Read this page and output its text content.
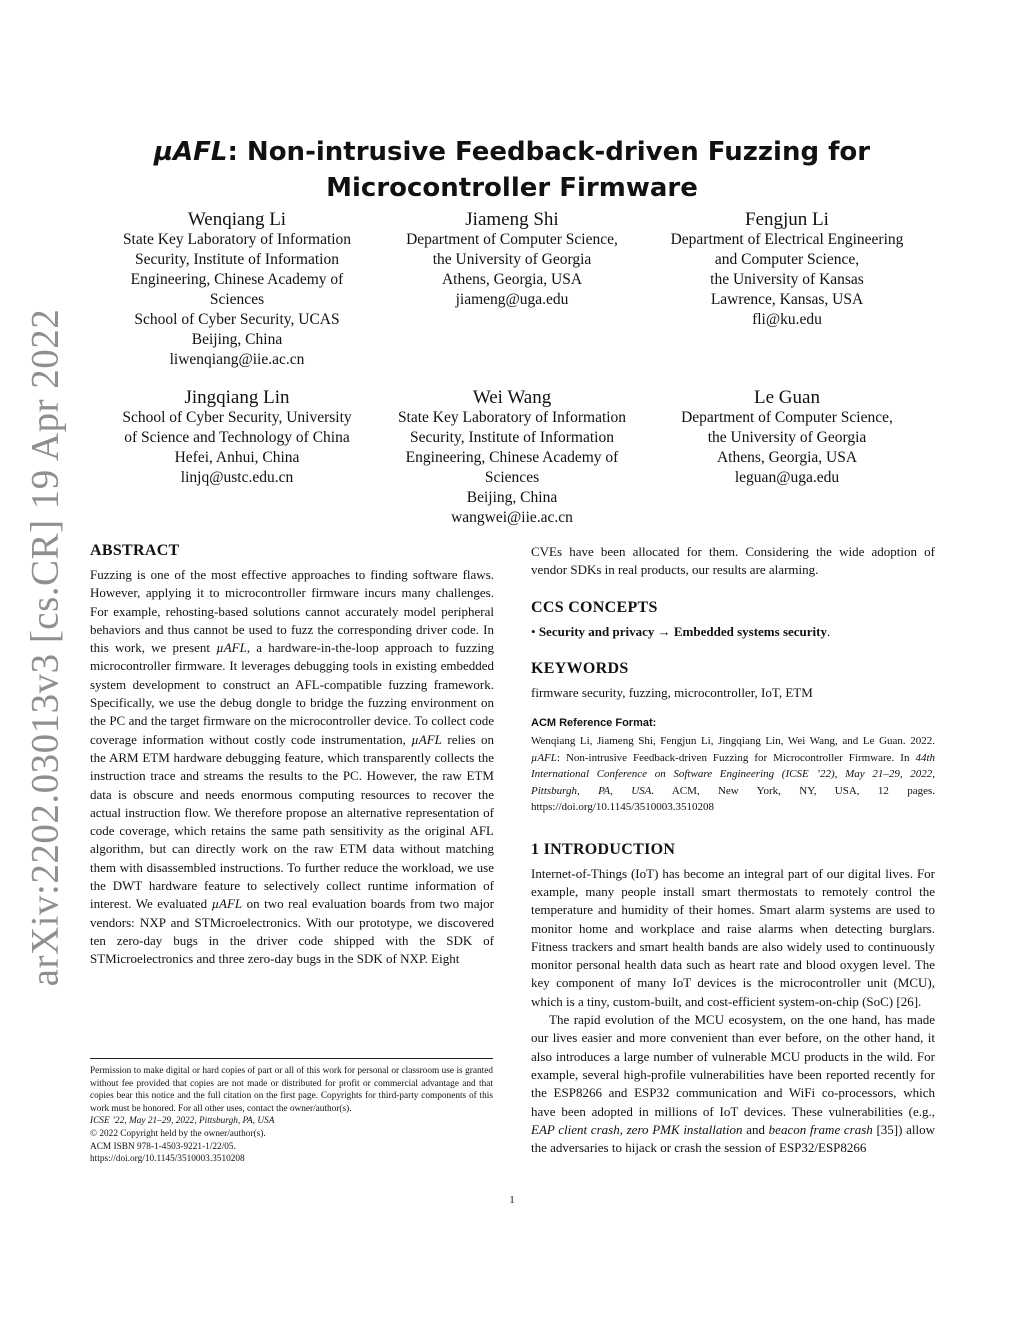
arXiv:2202.03013v3 [cs.CR] 19 Apr 2022
µAFL: Non-intrusive Feedback-driven Fuzzing for
Microcontroller Firmware
Wenqiang Li
State Key Laboratory of Information
Security, Institute of Information
Engineering, Chinese Academy of
Sciences
School of Cyber Security, UCAS
Beijing, China
liwenqiang@iie.ac.cn
Jiameng Shi
Department of Computer Science,
the University of Georgia
Athens, Georgia, USA
jiameng@uga.edu
Fengjun Li
Department of Electrical Engineering
and Computer Science,
the University of Kansas
Lawrence, Kansas, USA
fli@ku.edu
Jingqiang Lin
School of Cyber Security, University
of Science and Technology of China
Hefei, Anhui, China
linjq@ustc.edu.cn
Wei Wang
State Key Laboratory of Information
Security, Institute of Information
Engineering, Chinese Academy of
Sciences
Beijing, China
wangwei@iie.ac.cn
Le Guan
Department of Computer Science,
the University of Georgia
Athens, Georgia, USA
leguan@uga.edu
ABSTRACT

Fuzzing is one of the most effective approaches to finding software flaws. However, applying it to microcontroller firmware incurs many challenges. For example, rehosting-based solutions cannot accurately model peripheral behaviors and thus cannot be used to fuzz the corresponding driver code. In this work, we present µAFL, a hardware-in-the-loop approach to fuzzing microcontroller firmware. It leverages debugging tools in existing embedded system development to construct an AFL-compatible fuzzing framework. Specifically, we use the debug dongle to bridge the fuzzing environment on the PC and the target firmware on the microcontroller device. To collect code coverage information without costly code instrumentation, µAFL relies on the ARM ETM hardware debugging feature, which transparently collects the instruction trace and streams the results to the PC. However, the raw ETM data is obscure and needs enormous computing resources to recover the actual instruction flow. We therefore propose an alternative representation of code coverage, which retains the same path sensitivity as the original AFL algorithm, but can directly work on the raw ETM data without matching them with disassembled instructions. To further reduce the workload, we use the DWT hardware feature to selectively collect runtime information of interest. We evaluated µAFL on two real evaluation boards from two major vendors: NXP and STMicroelectronics. With our prototype, we discovered ten zero-day bugs in the driver code shipped with the SDK of STMicroelectronics and three zero-day bugs in the SDK of NXP. Eight

CVEs have been allocated for them. Considering the wide adoption of vendor SDKs in real products, our results are alarming.

CCS CONCEPTS

• Security and privacy → Embedded systems security.

KEYWORDS

firmware security, fuzzing, microcontroller, IoT, ETM

ACM Reference Format:

Wenqiang Li, Jiameng Shi, Fengjun Li, Jingqiang Lin, Wei Wang, and Le Guan. 2022. µAFL: Non-intrusive Feedback-driven Fuzzing for Microcontroller Firmware. In 44th International Conference on Software Engineering (ICSE ’22), May 21–29, 2022, Pittsburgh, PA, USA. ACM, New York, NY, USA, 12 pages. https://doi.org/10.1145/3510003.3510208

1 INTRODUCTION

Internet-of-Things (IoT) has become an integral part of our digital lives. For example, many people install smart thermostats to remotely control the temperature and humidity of their homes. Smart alarm systems are used to monitor home and workplace and raise alarms when detecting burglars. Fitness trackers and smart health bands are also widely used to continuously monitor personal health data such as heart rate and blood oxygen level. The key component of many IoT devices is the microcontroller unit (MCU), which is a tiny, custom-built, and cost-efficient system-on-chip (SoC) [26].

The rapid evolution of the MCU ecosystem, on the one hand, has made our lives easier and more convenient than ever before, on the other hand, it also introduces a large number of vulnerable MCU products in the wild. For example, several high-profile vulnerabilities have been reported recently for the ESP8266 and ESP32 communication and WiFi co-processors, which have been adopted in millions of IoT devices. These vulnerabilities (e.g., EAP client crash, zero PMK installation and beacon frame crash [35]) allow the adversaries to hijack or crash the session of ESP32/ESP8266

Permission to make digital or hard copies of part or all of this work for personal or classroom use is granted without fee provided that copies are not made or distributed for profit or commercial advantage and that copies bear this notice and the full citation on the first page. Copyrights for third-party components of this work must be honored. For all other uses, contact the owner/author(s).
ICSE ’22, May 21–29, 2022, Pittsburgh, PA, USA
© 2022 Copyright held by the owner/author(s).
ACM ISBN 978-1-4503-9221-1/22/05.
https://doi.org/10.1145/3510003.3510208
1
